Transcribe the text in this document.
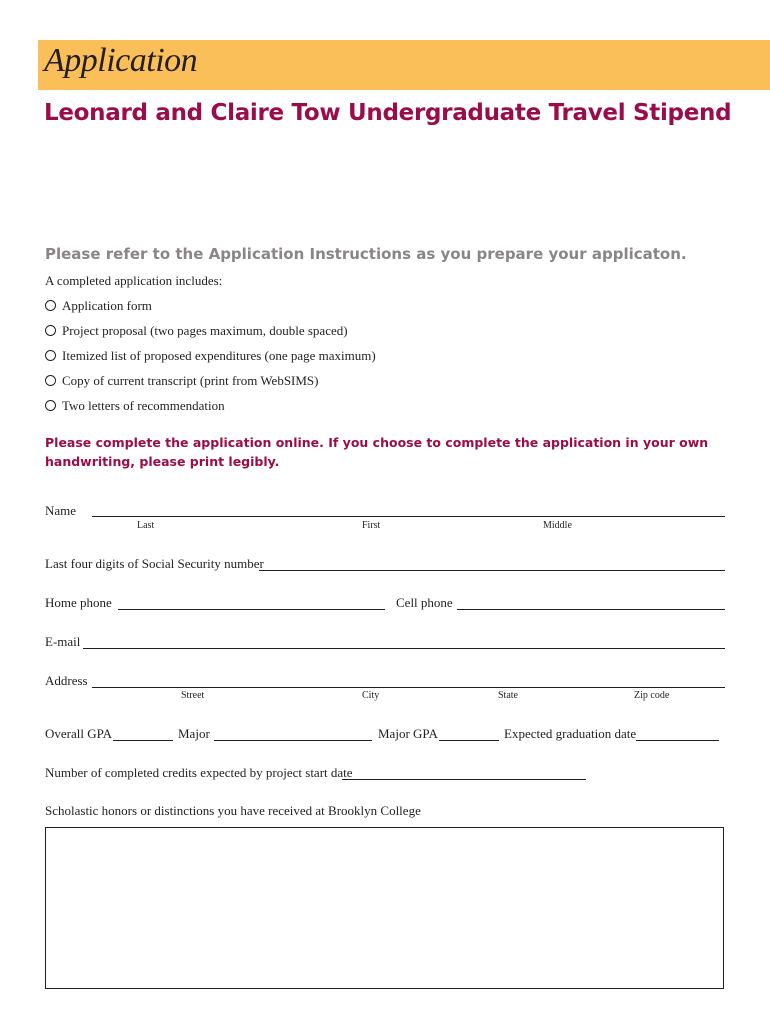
Application
Leonard and Claire Tow Undergraduate Travel Stipend
Please refer to the Application Instructions as you prepare your applicaton.
A completed application includes:
Application form
Project proposal (two pages maximum, double spaced)
Itemized list of proposed expenditures (one page maximum)
Copy of current transcript (print from WebSIMS)
Two letters of recommendation
Please complete the application online. If you choose to complete the application in your own handwriting, please print legibly.
Name
Last	First	Middle
Last four digits of Social Security number
Home phone	Cell phone
E-mail
Address
Street	City	State	Zip code
Overall GPA	Major	Major GPA	Expected graduation date
Number of completed credits expected by project start date
Scholastic honors or distinctions you have received at Brooklyn College
